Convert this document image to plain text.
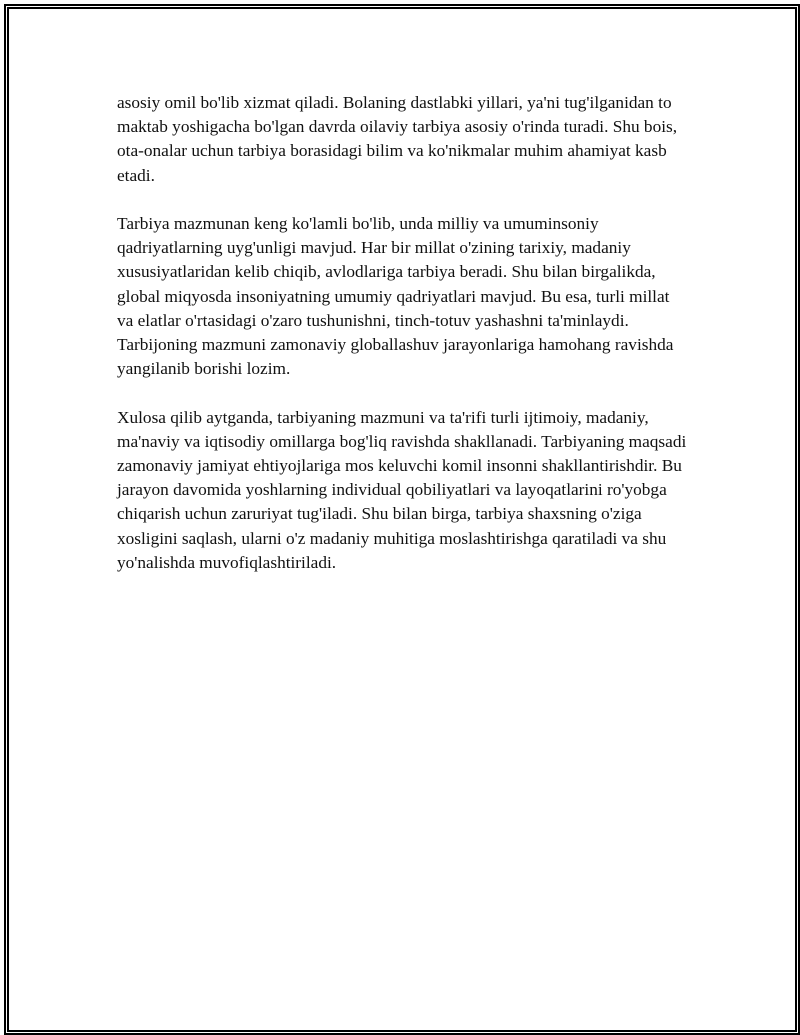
asosiy omil bo'lib xizmat qiladi. Bolaning dastlabki yillari, ya'ni tug'ilganidan to maktab yoshigacha bo'lgan davrda oilaviy tarbiya asosiy o'rinda turadi. Shu bois, ota-onalar uchun tarbiya borasidagi bilim va ko'nikmalar muhim ahamiyat kasb etadi.

Tarbiya mazmunan keng ko'lamli bo'lib, unda milliy va umuminsoniy qadriyatlarning uyg'unligi mavjud. Har bir millat o'zining tarixiy, madaniy xususiyatlaridan kelib chiqib, avlodlariga tarbiya beradi. Shu bilan birgalikda, global miqyosda insoniyatning umumiy qadriyatlari mavjud. Bu esa, turli millat va elatlar o'rtasidagi o'zaro tushunishni, tinch-totuv yashashni ta'minlaydi. Tarbijoning mazmuni zamonaviy globallashuv jarayonlariga hamohang ravishda yangilanib borishi lozim.

Xulosa qilib aytganda, tarbiyaning mazmuni va ta'rifi turli ijtimoiy, madaniy, ma'naviy va iqtisodiy omillarga bog'liq ravishda shakllanadi. Tarbiyaning maqsadi zamonaviy jamiyat ehtiyojlariga mos keluvchi komil insonni shakllantirishdir. Bu jarayon davomida yoshlarning individual qobiliyatlari va layoqatlarini ro'yobga chiqarish uchun zaruriyat tug'iladi. Shu bilan birga, tarbiya shaxsning o'ziga xosligini saqlash, ularni o'z madaniy muhitiga moslashtirishga qaratiladi va shu yo'nalishda muvofiqlashtiriladi.
